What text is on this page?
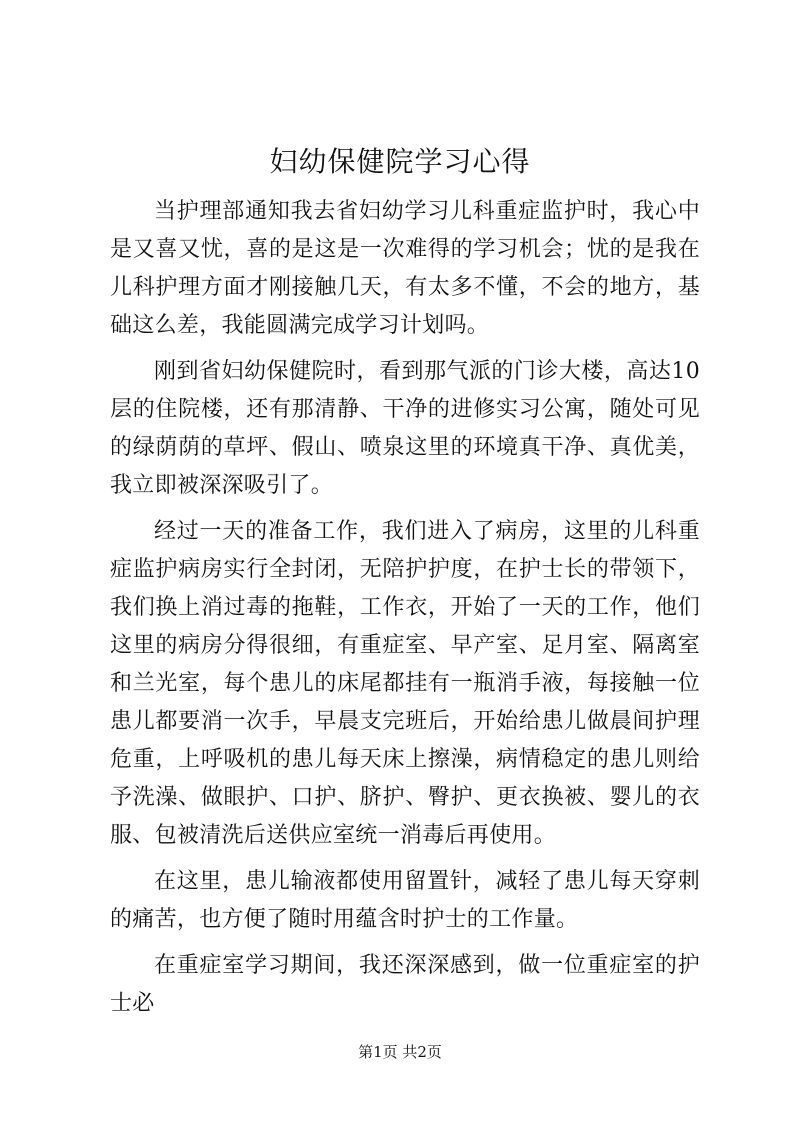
妇幼保健院学习心得

当护理部通知我去省妇幼学习儿科重症监护时，我心中是又喜又忧，喜的是这是一次难得的学习机会；忧的是我在儿科护理方面才刚接触几天，有太多不懂，不会的地方，基础这么差，我能圆满完成学习计划吗。

刚到省妇幼保健院时，看到那气派的门诊大楼，高达10层的住院楼，还有那清静、干净的进修实习公寓，随处可见的绿荫荫的草坪、假山、喷泉这里的环境真干净、真优美，我立即被深深吸引了。

经过一天的准备工作，我们进入了病房，这里的儿科重症监护病房实行全封闭，无陪护护度，在护士长的带领下，我们换上消过毒的拖鞋，工作衣，开始了一天的工作，他们这里的病房分得很细，有重症室、早产室、足月室、隔离室和兰光室，每个患儿的床尾都挂有一瓶消手液，每接触一位患儿都要消一次手，早晨支完班后，开始给患儿做晨间护理危重，上呼吸机的患儿每天床上擦澡，病情稳定的患儿则给予洗澡、做眼护、口护、脐护、臀护、更衣换被、婴儿的衣服、包被清洗后送供应室统一消毒后再使用。

在这里，患儿输液都使用留置针，减轻了患儿每天穿刺的痛苦，也方便了随时用蕴含时护士的工作量。

在重症室学习期间，我还深深感到，做一位重症室的护士必

第1页 共2页
